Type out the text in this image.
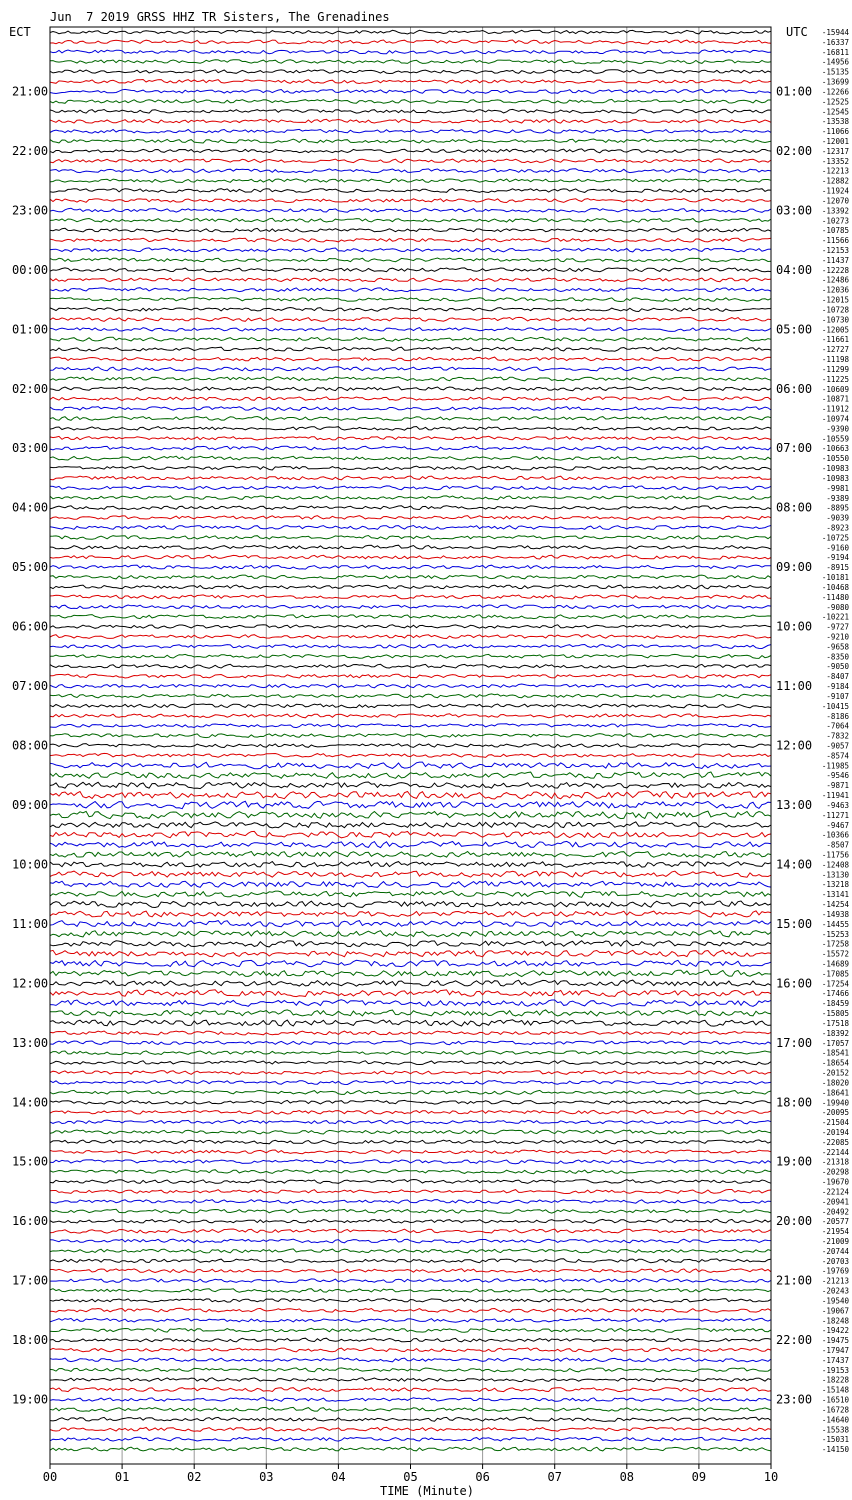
Jun  7 2019 GRSS HHZ TR Sisters, The Grenadines
ECT	UTC
21:00
22:00
23:00
00:00
01:00
02:00
03:00
04:00
05:00
06:00
07:00
08:00
09:00
10:00
11:00
12:00
13:00
14:00
15:00
16:00
17:00
18:00
19:00
01:00
02:00
03:00
04:00
05:00
06:00
07:00
08:00
09:00
10:00
11:00
12:00
13:00
14:00
15:00
16:00
17:00
18:00
19:00
20:00
21:00
22:00
23:00
-15944
-16337
-16811
-14956
-15135
-13699
-12266
-12525
-12545
-13538
-11066
-12001
-12317
-13352
-12213
-12882
-11924
-12070
-13392
-10273
-10785
-11566
-12153
-11437
-12228
-12486
-12036
-12015
-10728
-10730
-12005
-11661
-12727
-11198
-11299
-11225
-10609
-10871
-11912
-10974
-9390
-10559
-10663
-10550
-10983
-10983
-9981
-9389
-8895
-9039
-8923
-10725
-9160
-9194
-8915
-10181
-10468
-11480
-9080
-10221
-9727
-9210
-9658
-8350
-9050
-8407
-9184
-9107
-10415
-8186
-7064
-7832
-9057
-8574
-11985
-9546
-9871
-11941
-9463
-11271
-9467
-10366
-8507
-11756
-12408
-13130
-13218
-13141
-14254
-14938
-14455
-15253
-17258
-15572
-14689
-17085
-17254
-17466
-18459
-15805
-17518
-18392
-17057
-18541
-18654
-20152
-18020
-18641
-19940
-20095
-21504
-20194
-22085
-22144
-21318
-20298
-19670
-22124
-20941
-20492
-20577
-21954
-21009
-20744
-20703
-19769
-21213
-20243
-19540
-19067
-18248
-19422
-19475
-17947
-17437
-19153
-18228
-15148
-16510
-16728
-14640
-15538
-15031
-14150
00	01	02	03	04	05	06	07	08	09	10
TIME (Minute)
